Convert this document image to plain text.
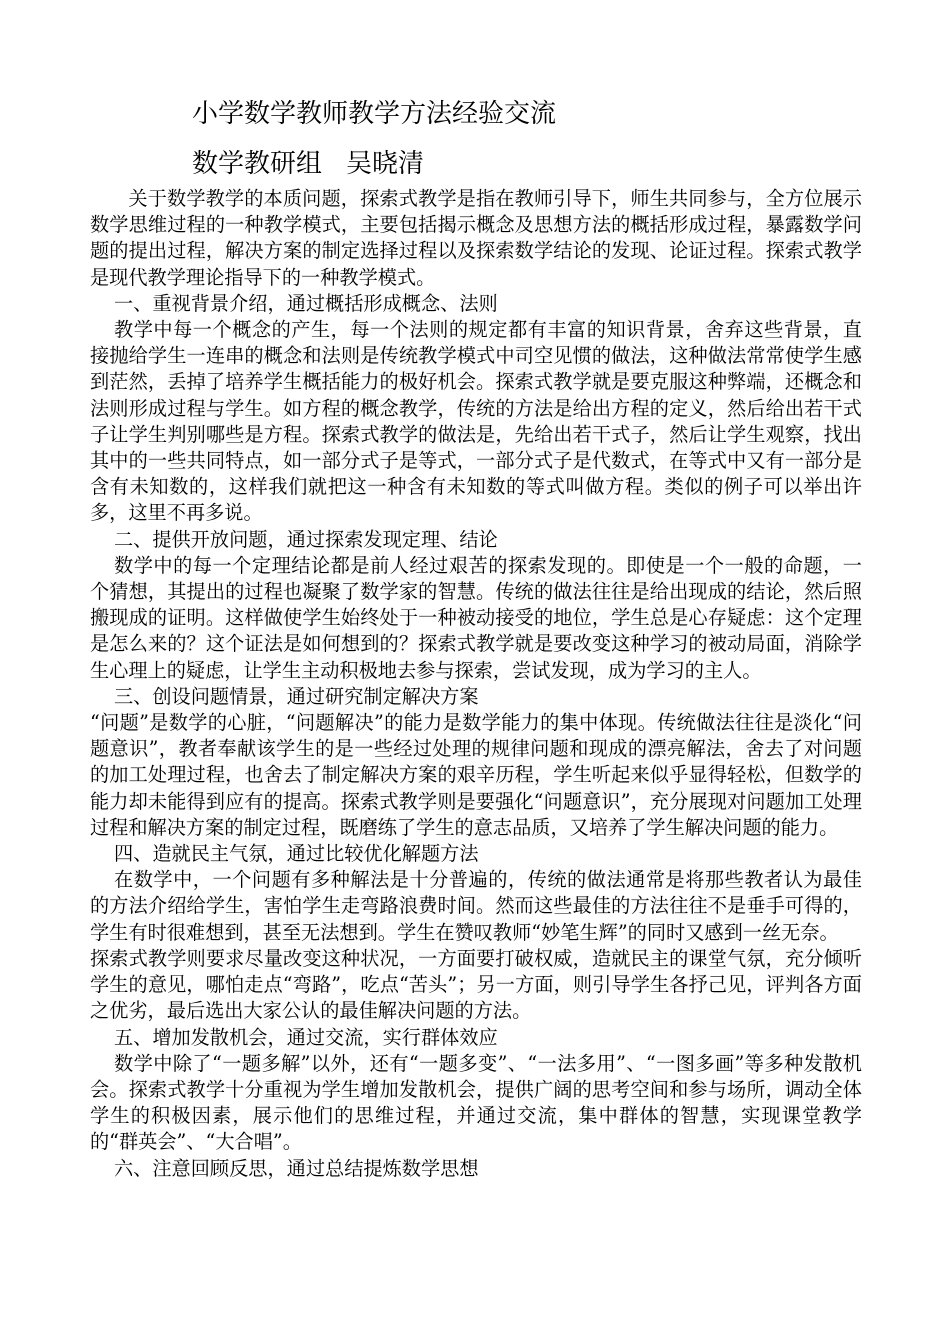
小学数学教师教学方法经验交流
数学教研组 吴晓清

关于数学教学的本质问题，探索式教学是指在教师引导下，师生共同参与，全方位展示数学思维过程的一种教学模式，主要包括揭示概念及思想方法的概括形成过程，暴露数学问题的提出过程，解决方案的制定选择过程以及探索数学结论的发现、论证过程。探索式教学是现代教学理论指导下的一种教学模式。

一、重视背景介绍，通过概括形成概念、法则

教学中每一个概念的产生，每一个法则的规定都有丰富的知识背景，舍弃这些背景，直接抛给学生一连串的概念和法则是传统教学模式中司空见惯的做法，这种做法常常使学生感到茫然，丢掉了培养学生概括能力的极好机会。探索式教学就是要克服这种弊端，还概念和法则形成过程与学生。如方程的概念教学，传统的方法是给出方程的定义，然后给出若干式子让学生判别哪些是方程。探索式教学的做法是，先给出若干式子，然后让学生观察，找出其中的一些共同特点，如一部分式子是等式，一部分式子是代数式，在等式中又有一部分是含有未知数的，这样我们就把这一种含有未知数的等式叫做方程。类似的例子可以举出许多，这里不再多说。

二、提供开放问题，通过探索发现定理、结论

数学中的每一个定理结论都是前人经过艰苦的探索发现的。即使是一个一般的命题，一个猜想，其提出的过程也凝聚了数学家的智慧。传统的做法往往是给出现成的结论，然后照搬现成的证明。这样做使学生始终处于一种被动接受的地位，学生总是心存疑虑：这个定理是怎么来的？这个证法是如何想到的？探索式教学就是要改变这种学习的被动局面，消除学生心理上的疑虑，让学生主动积极地去参与探索，尝试发现，成为学习的主人。

三、创设问题情景，通过研究制定解决方案

“问题”是数学的心脏，“问题解决”的能力是数学能力的集中体现。传统做法往往是淡化“问题意识”，教者奉献该学生的是一些经过处理的规律问题和现成的漂亮解法，舍去了对问题的加工处理过程，也舍去了制定解决方案的艰辛历程，学生听起来似乎显得轻松，但数学的能力却未能得到应有的提高。探索式教学则是要强化“问题意识”，充分展现对问题加工处理过程和解决方案的制定过程，既磨练了学生的意志品质，又培养了学生解决问题的能力。

四、造就民主气氛，通过比较优化解题方法

在数学中，一个问题有多种解法是十分普遍的，传统的做法通常是将那些教者认为最佳的方法介绍给学生，害怕学生走弯路浪费时间。然而这些最佳的方法往往不是垂手可得的，学生有时很难想到，甚至无法想到。学生在赞叹教师“妙笔生辉”的同时又感到一丝无奈。

探索式教学则要求尽量改变这种状况，一方面要打破权威，造就民主的课堂气氛，充分倾听学生的意见，哪怕走点“弯路”，吃点“苦头”；另一方面，则引导学生各抒己见，评判各方面之优劣，最后选出大家公认的最佳解决问题的方法。

五、增加发散机会，通过交流，实行群体效应

数学中除了“一题多解”以外，还有“一题多变”、“一法多用”、“一图多画”等多种发散机会。探索式教学十分重视为学生增加发散机会，提供广阔的思考空间和参与场所，调动全体学生的积极因素，展示他们的思维过程，并通过交流，集中群体的智慧，实现课堂教学的“群英会”、“大合唱”。

六、注意回顾反思，通过总结提炼数学思想
